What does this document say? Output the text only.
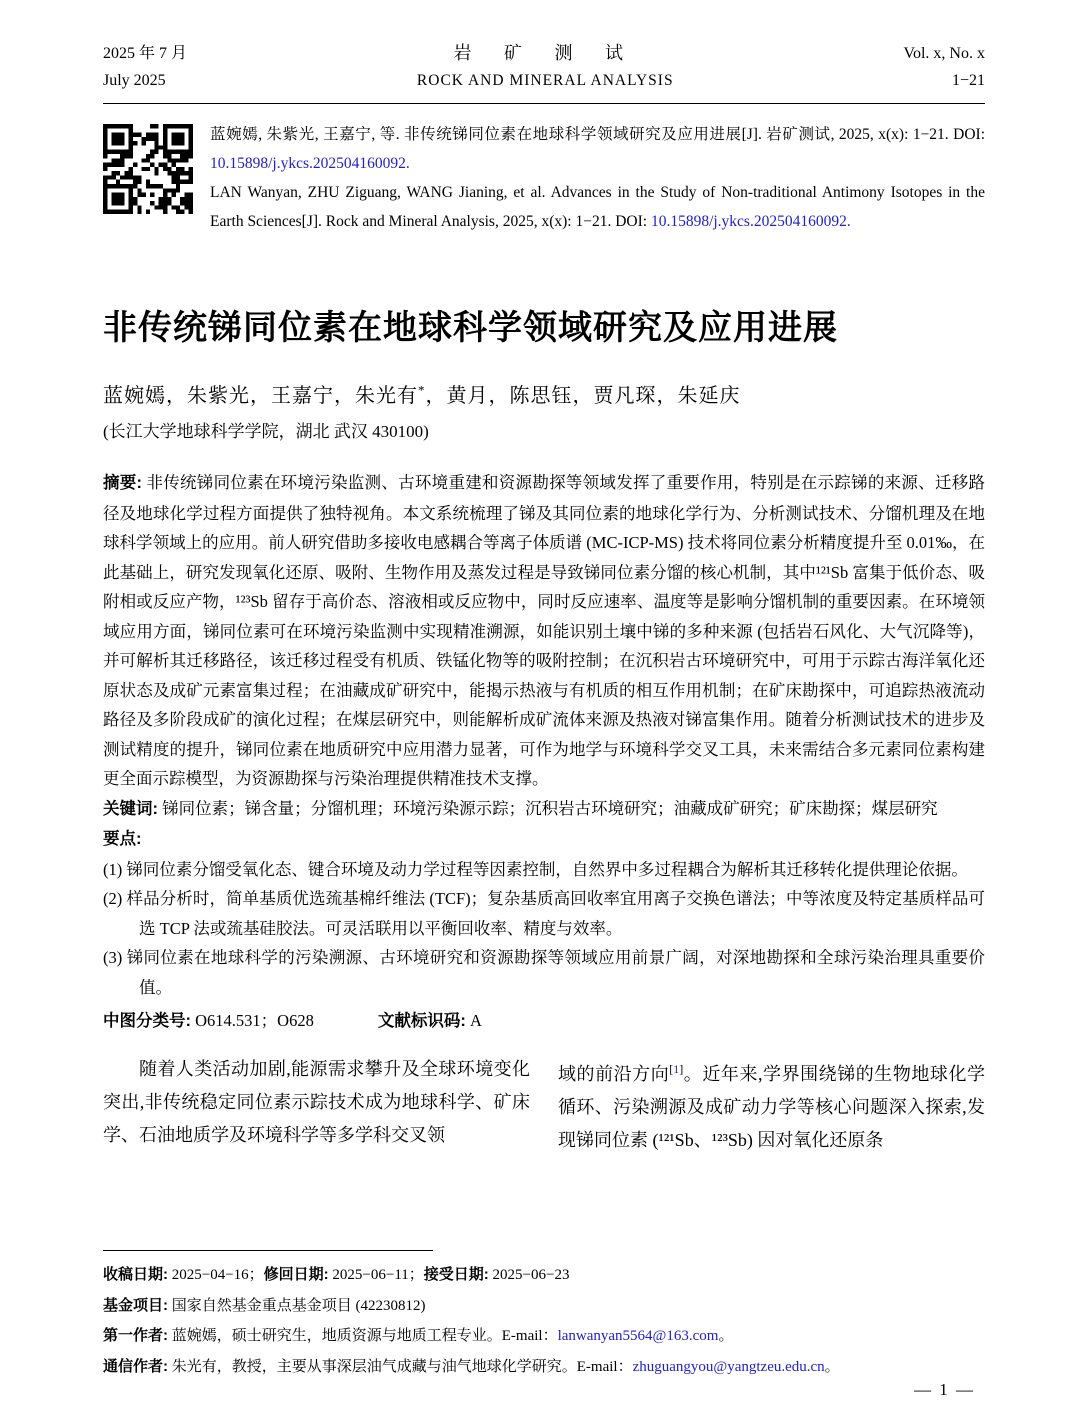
2025 年 7 月
July 2025
岩 矿 测 试
ROCK AND MINERAL ANALYSIS
Vol. x, No. x
1−21
蓝婉嫣, 朱紫光, 王嘉宁, 等. 非传统锑同位素在地球科学领域研究及应用进展[J]. 岩矿测试, 2025, x(x): 1−21. DOI: 10.15898/j.ykcs.202504160092.
LAN Wanyan, ZHU Ziguang, WANG Jianing, et al. Advances in the Study of Non-traditional Antimony Isotopes in the Earth Sciences[J]. Rock and Mineral Analysis, 2025, x(x): 1−21. DOI: 10.15898/j.ykcs.202504160092.
非传统锑同位素在地球科学领域研究及应用进展
蓝婉嫣，朱紫光，王嘉宁，朱光有*，黄月，陈思钰，贾凡琛，朱延庆
(长江大学地球科学学院，湖北 武汉 430100)

摘要: 非传统锑同位素在环境污染监测、古环境重建和资源勘探等领域发挥了重要作用，特别是在示踪锑的来源、迁移路径及地球化学过程方面提供了独特视角。本文系统梳理了锑及其同位素的地球化学行为、分析测试技术、分馏机理及在地球科学领域上的应用。前人研究借助多接收电感耦合等离子体质谱 (MC-ICP-MS) 技术将同位素分析精度提升至 0.01‰，在此基础上，研究发现氧化还原、吸附、生物作用及蒸发过程是导致锑同位素分馏的核心机制，其中¹²¹Sb 富集于低价态、吸附相或反应产物，¹²³Sb 留存于高价态、溶液相或反应物中，同时反应速率、温度等是影响分馏机制的重要因素。在环境领域应用方面，锑同位素可在环境污染监测中实现精准溯源，如能识别土壤中锑的多种来源 (包括岩石风化、大气沉降等)，并可解析其迁移路径，该迁移过程受有机质、铁锰化物等的吸附控制；在沉积岩古环境研究中，可用于示踪古海洋氧化还原状态及成矿元素富集过程；在油藏成矿研究中，能揭示热液与有机质的相互作用机制；在矿床勘探中，可追踪热液流动路径及多阶段成矿的演化过程；在煤层研究中，则能解析成矿流体来源及热液对锑富集作用。随着分析测试技术的进步及测试精度的提升，锑同位素在地质研究中应用潜力显著，可作为地学与环境科学交叉工具，未来需结合多元素同位素构建更全面示踪模型，为资源勘探与污染治理提供精准技术支撑。

关键词: 锑同位素；锑含量；分馏机理；环境污染源示踪；沉积岩古环境研究；油藏成矿研究；矿床勘探；煤层研究

要点:

(1) 锑同位素分馏受氧化态、键合环境及动力学过程等因素控制，自然界中多过程耦合为解析其迁移转化提供理论依据。
(2) 样品分析时，简单基质优选巯基棉纤维法 (TCF)；复杂基质高回收率宜用离子交换色谱法；中等浓度及特定基质样品可选 TCP 法或巯基硅胶法。可灵活联用以平衡回收率、精度与效率。
(3) 锑同位素在地球科学的污染溯源、古环境研究和资源勘探等领域应用前景广阔，对深地勘探和全球污染治理具重要价值。
中图分类号: O614.531；O628	文献标识码: A

随着人类活动加剧,能源需求攀升及全球环境变化突出,非传统稳定同位素示踪技术成为地球科学、矿床学、石油地质学及环境科学等多学科交叉领

域的前沿方向[1]。近年来,学界围绕锑的生物地球化学循环、污染溯源及成矿动力学等核心问题深入探索,发现锑同位素 (¹²¹Sb、¹²³Sb) 因对氧化还原条

收稿日期: 2025−04−16；修回日期: 2025−06−11；接受日期: 2025−06−23
基金项目: 国家自然基金重点基金项目 (42230812)
第一作者: 蓝婉嫣，硕士研究生，地质资源与地质工程专业。E-mail：lanwanyan5564@163.com。
通信作者: 朱光有，教授，主要从事深层油气成藏与油气地球化学研究。E-mail：zhuguangyou@yangtzeu.edu.cn。
— 1 —
